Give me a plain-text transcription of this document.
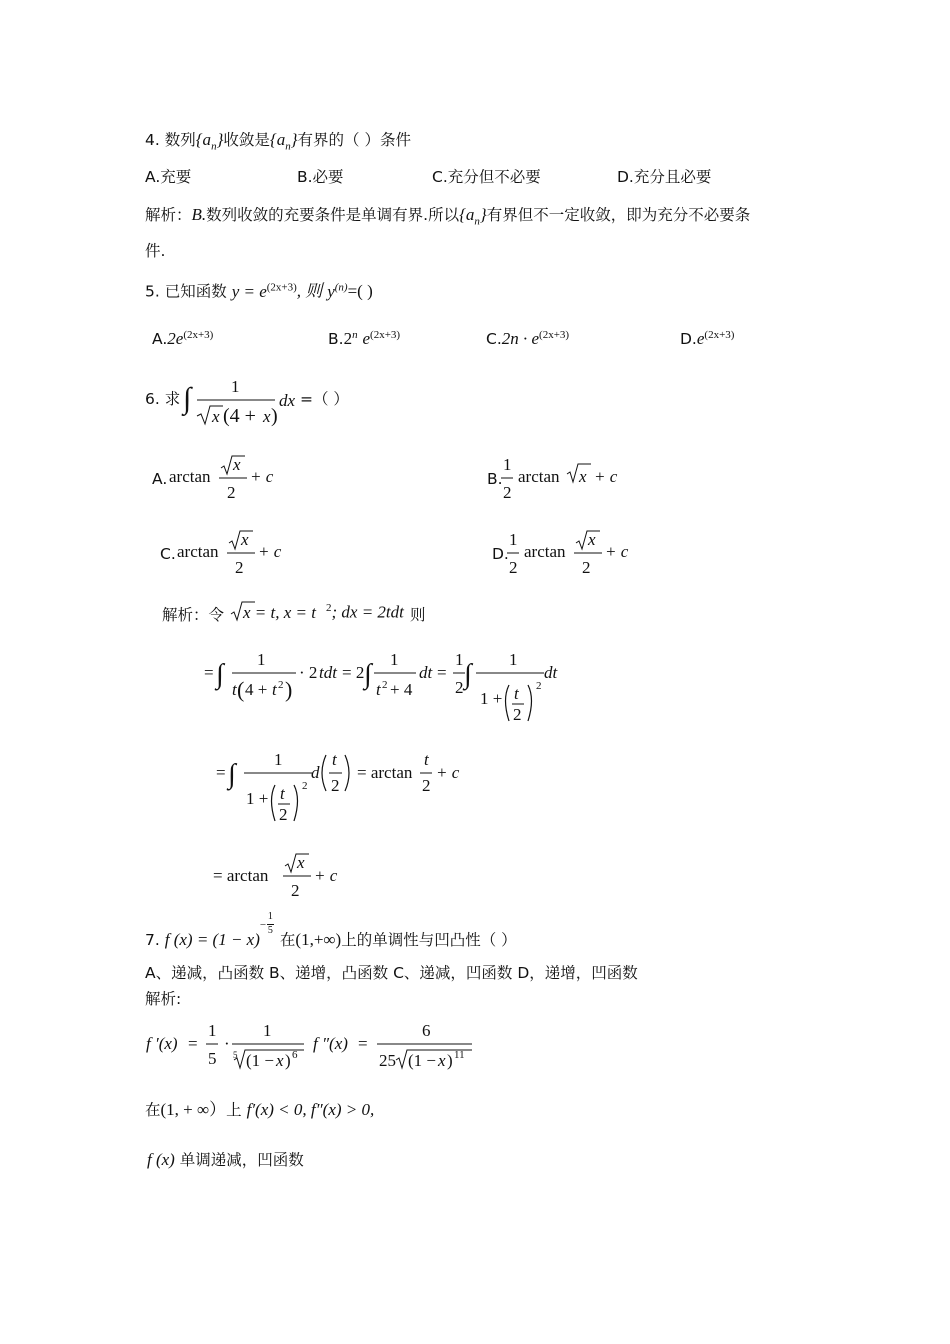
4. 数列$\{a_n\}$收敛是$\{a_n\}$有界的（ ）条件
A.充要	B.必要	C.充分但不必要	D.充分且必要
解析：B.数列收敛的充要条件是单调有界.所以$\{a_n\}$有界但不一定收敛，即为充分不必要条
件.
5. 已知函数 $y = e^{(2x+3)}$, 则 $y^{(n)}=$( )
$A.2e^{(2x+3)}$	B.2$^n$ $e^{(2x+3)}$	$C.2n \cdot e^{(2x+3)}$	$D.e^{(2x+3)}$
6. 求 ∫ 1
x (4 + x )
dx =（ ）
A. arctan
x
2
+ c	B.
1
2
arctan x + c
C. arctan
x
2
+ c	D.
1
2
arctan
x
2
+ c
解析：令 x = t, x = t $^2$; dx = 2tdt 则
= ∫ 1
t ( 4 + t 2 )
· 2 tdt = 2 ∫ 1
t 2 + 4
dt =
1
2 ∫ 1
1 + t
2
2
dt
= ∫ 1
1 + t
2
2
d
t
2
= arctan
t
2
+ c
= arctan
x
2
+ c
7. f (x) = (1 − x)
−
1
5
在(1,+∞)上的单调性与凹凸性（ ）
A、递减，凸函数 B、递增，凸函数 C、递减，凹函数 D，递增，凹函数
解析:
f ′(x) =
1
5
·
1
5 (1 − x ) 6
f ″(x) =
6
25 (1 − x ) 11
在(1, + ∞）上 f′(x) < 0, f″(x) > 0,
f (x) 单调递减，凹函数
